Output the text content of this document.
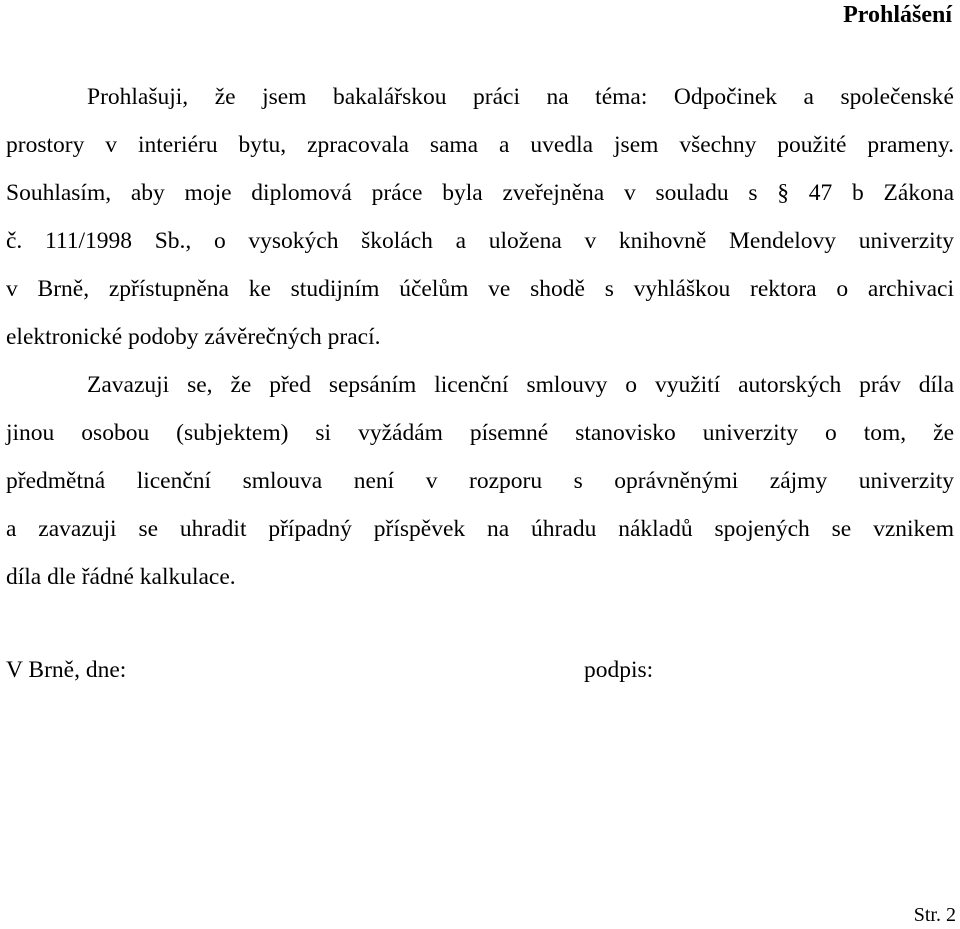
Prohlášení
Prohlašuji, že jsem bakalářskou práci na téma: Odpočinek a společenské
prostory v interiéru bytu, zpracovala sama a uvedla jsem všechny použité prameny.
Souhlasím, aby moje diplomová práce byla zveřejněna v souladu s § 47 b Zákona
č. 111/1998 Sb., o vysokých školách a uložena v knihovně Mendelovy univerzity
v Brně, zpřístupněna ke studijním účelům ve shodě s vyhláškou rektora o archivaci
elektronické podoby závěrečných prací.
Zavazuji se, že před sepsáním licenční smlouvy o využití autorských práv díla
jinou osobou (subjektem) si vyžádám písemné stanovisko univerzity o tom, že
předmětná licenční smlouva není v rozporu s oprávněnými zájmy univerzity
a zavazuji se uhradit případný příspěvek na úhradu nákladů spojených se vznikem
díla dle řádné kalkulace.
V Brně, dne:	podpis:
Str. 2
